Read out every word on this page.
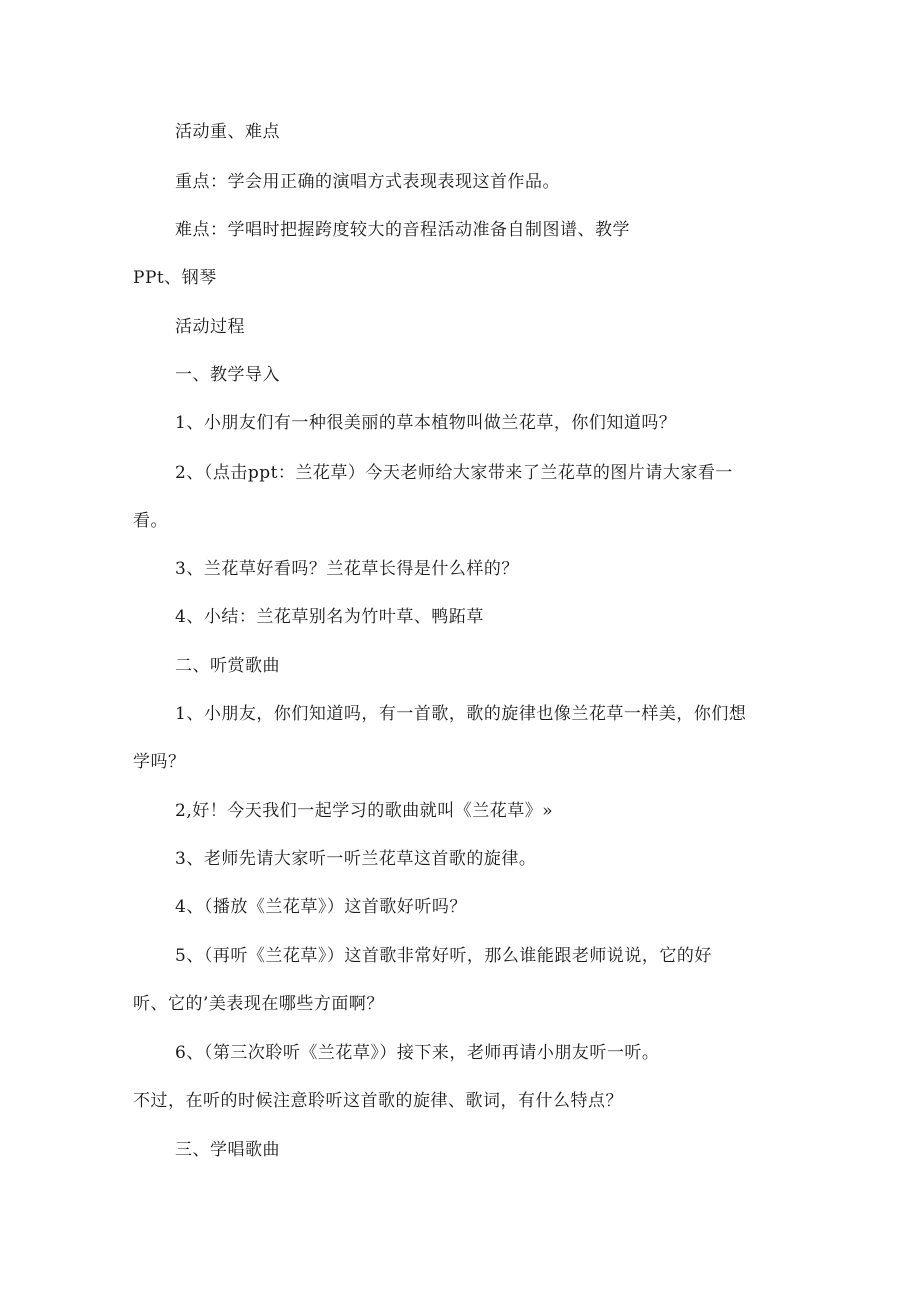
活动重、难点
重点：学会用正确的演唱方式表现表现这首作品。
难点：学唱时把握跨度较大的音程活动准备自制图谱、教学
PPt、钢琴
活动过程
一、教学导入
1、小朋友们有一种很美丽的草本植物叫做兰花草，你们知道吗？
2、（点击ppt：兰花草）今天老师给大家带来了兰花草的图片请大家看一
看。
3、兰花草好看吗？兰花草长得是什么样的？
4、小结：兰花草别名为竹叶草、鸭跖草
二、听赏歌曲
1、小朋友，你们知道吗，有一首歌，歌的旋律也像兰花草一样美，你们想
学吗？
2,好！今天我们一起学习的歌曲就叫《兰花草》»
3、老师先请大家听一听兰花草这首歌的旋律。
4、（播放《兰花草》）这首歌好听吗？
5、（再听《兰花草》）这首歌非常好听，那么谁能跟老师说说，它的好
听、它的’美表现在哪些方面啊？
6、（第三次聆听《兰花草》）接下来，老师再请小朋友听一听。
不过，在听的时候注意聆听这首歌的旋律、歌词，有什么特点？
三、学唱歌曲
